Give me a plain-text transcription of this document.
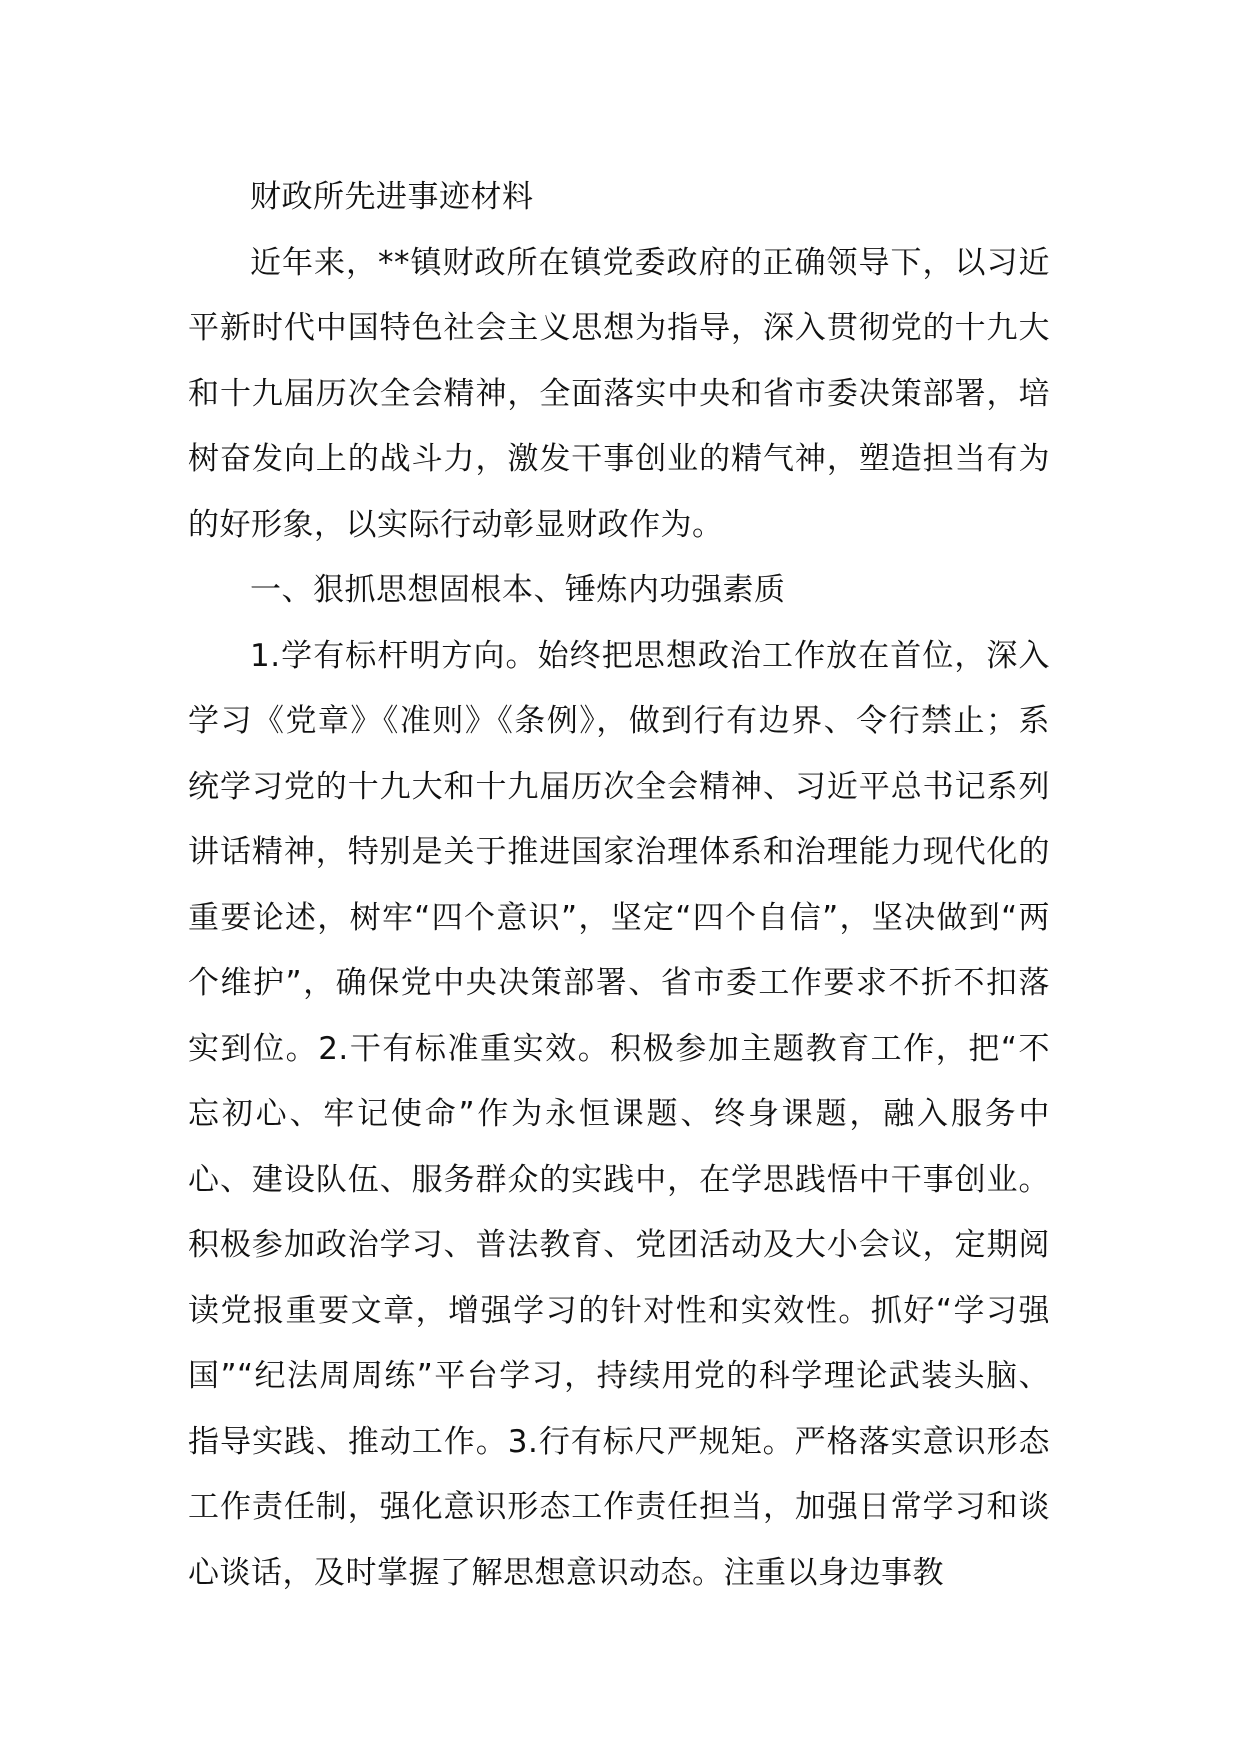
财政所先进事迹材料

近年来，**镇财政所在镇党委政府的正确领导下，以习近平新时代中国特色社会主义思想为指导，深入贯彻党的十九大和十九届历次全会精神，全面落实中央和省市委决策部署，培树奋发向上的战斗力，激发干事创业的精气神，塑造担当有为的好形象，以实际行动彰显财政作为。

一、狠抓思想固根本、锤炼内功强素质

1.学有标杆明方向。始终把思想政治工作放在首位，深入学习《党章》《准则》《条例》，做到行有边界、令行禁止；系统学习党的十九大和十九届历次全会精神、习近平总书记系列讲话精神，特别是关于推进国家治理体系和治理能力现代化的重要论述，树牢“四个意识”，坚定“四个自信”，坚决做到“两个维护”，确保党中央决策部署、省市委工作要求不折不扣落实到位。2.干有标准重实效。积极参加主题教育工作，把“不忘初心、牢记使命”作为永恒课题、终身课题，融入服务中心、建设队伍、服务群众的实践中，在学思践悟中干事创业。积极参加政治学习、普法教育、党团活动及大小会议，定期阅读党报重要文章，增强学习的针对性和实效性。抓好“学习强国”“纪法周周练”平台学习，持续用党的科学理论武装头脑、指导实践、推动工作。3.行有标尺严规矩。严格落实意识形态工作责任制，强化意识形态工作责任担当，加强日常学习和谈心谈话，及时掌握了解思想意识动态。注重以身边事教
